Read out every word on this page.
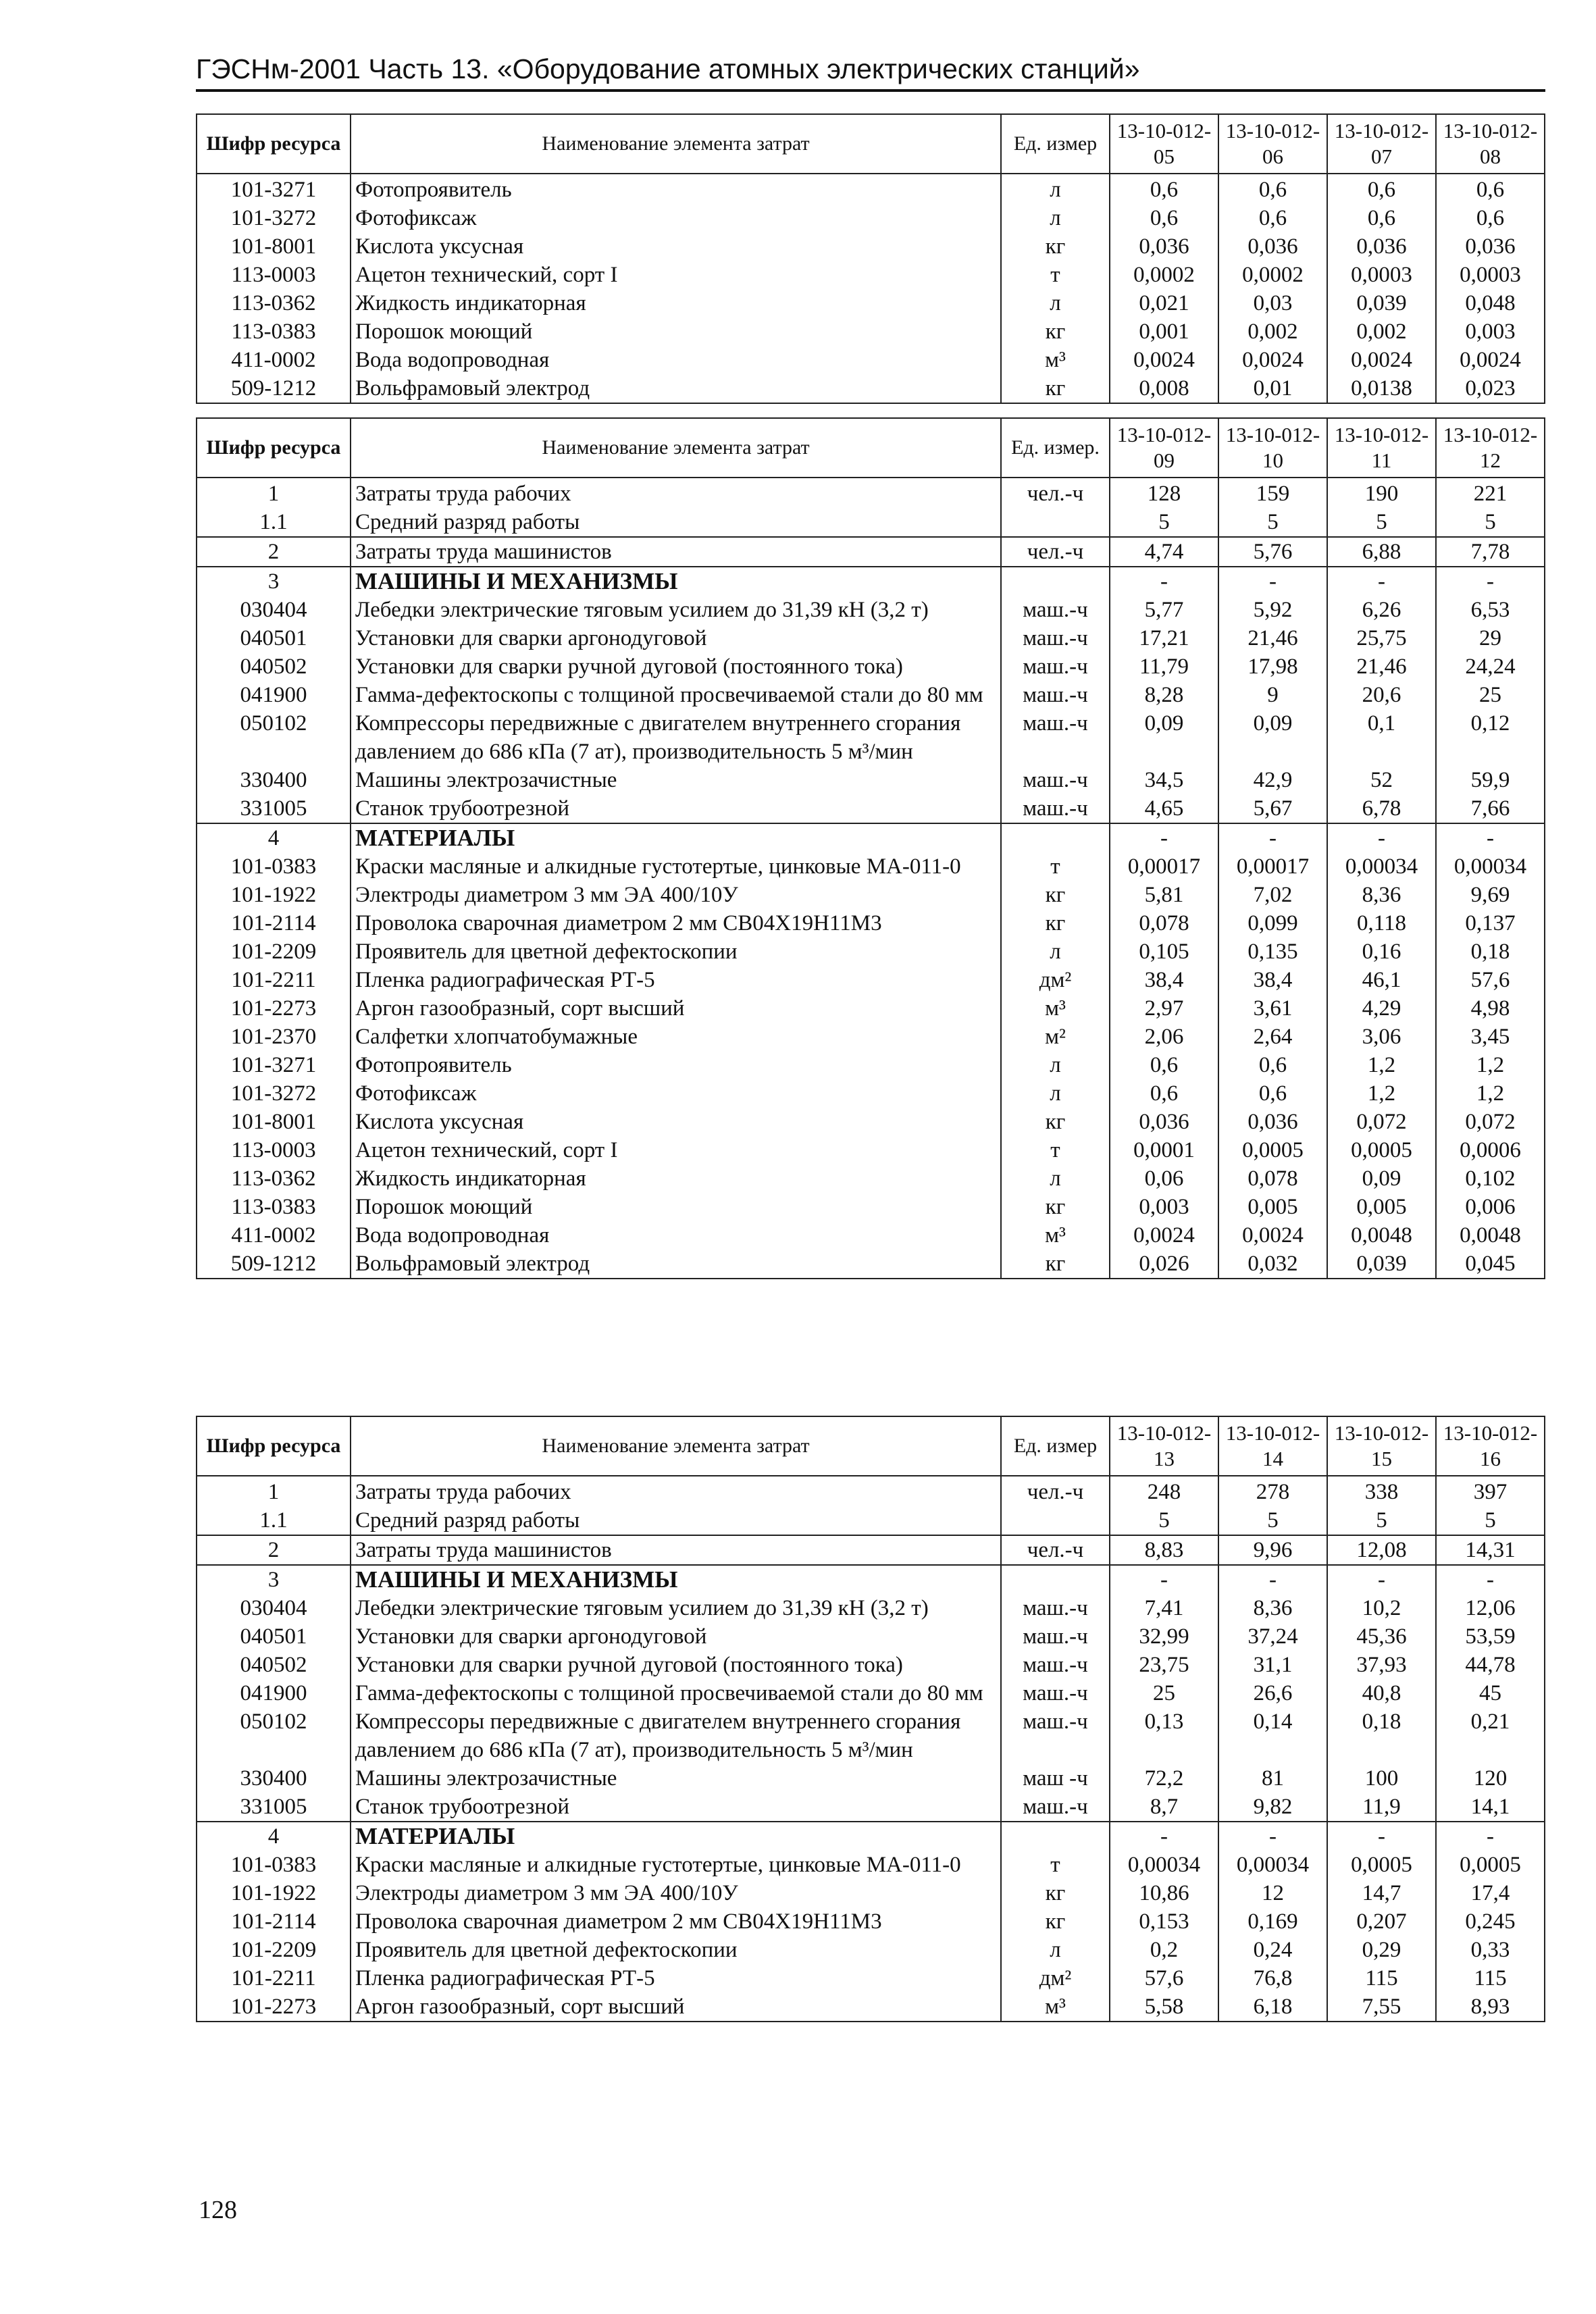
ГЭСНм-2001 Часть 13. «Оборудование атомных электрических станций»
Шифр ресурса	Наименование элемента затрат	Ед. измер	13-10-012-05	13-10-012-06	13-10-012-07	13-10-012-08
101-3271	Фотопроявитель	л	0,6	0,6	0,6	0,6
101-3272	Фотофиксаж	л	0,6	0,6	0,6	0,6
101-8001	Кислота уксусная	кг	0,036	0,036	0,036	0,036
113-0003	Ацетон технический, сорт I	т	0,0002	0,0002	0,0003	0,0003
113-0362	Жидкость индикаторная	л	0,021	0,03	0,039	0,048
113-0383	Порошок моющий	кг	0,001	0,002	0,002	0,003
411-0002	Вода водопроводная	м³	0,0024	0,0024	0,0024	0,0024
509-1212	Вольфрамовый электрод	кг	0,008	0,01	0,0138	0,023
Шифр ресурса	Наименование элемента затрат	Ед. измер.	13-10-012-09	13-10-012-10	13-10-012-11	13-10-012-12
1	Затраты труда рабочих	чел.-ч	128	159	190	221
1.1	Средний разряд работы		5	5	5	5
2	Затраты труда машинистов	чел.-ч	4,74	5,76	6,88	7,78
3	МАШИНЫ И МЕХАНИЗМЫ		-	-	-	-
030404	Лебедки электрические тяговым усилием до 31,39 кН (3,2 т)	маш.-ч	5,77	5,92	6,26	6,53
040501	Установки для сварки аргонодуговой	маш.-ч	17,21	21,46	25,75	29
040502	Установки для сварки ручной дуговой (постоянного тока)	маш.-ч	11,79	17,98	21,46	24,24
041900	Гамма-дефектоскопы с толщиной просвечиваемой стали до 80 мм	маш.-ч	8,28	9	20,6	25
050102	Компрессоры передвижные с двигателем внутреннего сгорания давлением до 686 кПа (7 ат), производительность 5 м³/мин	маш.-ч	0,09	0,09	0,1	0,12
330400	Машины электрозачистные	маш.-ч	34,5	42,9	52	59,9
331005	Станок трубоотрезной	маш.-ч	4,65	5,67	6,78	7,66
4	МАТЕРИАЛЫ		-	-	-	-
101-0383	Краски масляные и алкидные густотертые, цинковые МА-011-0	т	0,00017	0,00017	0,00034	0,00034
101-1922	Электроды диаметром 3 мм ЭА 400/10У	кг	5,81	7,02	8,36	9,69
101-2114	Проволока сварочная диаметром 2 мм СВ04Х19Н11М3	кг	0,078	0,099	0,118	0,137
101-2209	Проявитель для цветной дефектоскопии	л	0,105	0,135	0,16	0,18
101-2211	Пленка радиографическая РТ-5	дм²	38,4	38,4	46,1	57,6
101-2273	Аргон газообразный, сорт высший	м³	2,97	3,61	4,29	4,98
101-2370	Салфетки хлопчатобумажные	м²	2,06	2,64	3,06	3,45
101-3271	Фотопроявитель	л	0,6	0,6	1,2	1,2
101-3272	Фотофиксаж	л	0,6	0,6	1,2	1,2
101-8001	Кислота уксусная	кг	0,036	0,036	0,072	0,072
113-0003	Ацетон технический, сорт I	т	0,0001	0,0005	0,0005	0,0006
113-0362	Жидкость индикаторная	л	0,06	0,078	0,09	0,102
113-0383	Порошок моющий	кг	0,003	0,005	0,005	0,006
411-0002	Вода водопроводная	м³	0,0024	0,0024	0,0048	0,0048
509-1212	Вольфрамовый электрод	кг	0,026	0,032	0,039	0,045
Шифр ресурса	Наименование элемента затрат	Ед. измер	13-10-012-13	13-10-012-14	13-10-012-15	13-10-012-16
1	Затраты труда рабочих	чел.-ч	248	278	338	397
1.1	Средний разряд работы		5	5	5	5
2	Затраты труда машинистов	чел.-ч	8,83	9,96	12,08	14,31
3	МАШИНЫ И МЕХАНИЗМЫ		-	-	-	-
030404	Лебедки электрические тяговым усилием до 31,39 кН (3,2 т)	маш.-ч	7,41	8,36	10,2	12,06
040501	Установки для сварки аргонодуговой	маш.-ч	32,99	37,24	45,36	53,59
040502	Установки для сварки ручной дуговой (постоянного тока)	маш.-ч	23,75	31,1	37,93	44,78
041900	Гамма-дефектоскопы с толщиной просвечиваемой стали до 80 мм	маш.-ч	25	26,6	40,8	45
050102	Компрессоры передвижные с двигателем внутреннего сгорания давлением до 686 кПа (7 ат), производительность 5 м³/мин	маш.-ч	0,13	0,14	0,18	0,21
330400	Машины электрозачистные	маш -ч	72,2	81	100	120
331005	Станок трубоотрезной	маш.-ч	8,7	9,82	11,9	14,1
4	МАТЕРИАЛЫ		-	-	-	-
101-0383	Краски масляные и алкидные густотертые, цинковые МА-011-0	т	0,00034	0,00034	0,0005	0,0005
101-1922	Электроды диаметром 3 мм ЭА 400/10У	кг	10,86	12	14,7	17,4
101-2114	Проволока сварочная диаметром 2 мм СВ04Х19Н11М3	кг	0,153	0,169	0,207	0,245
101-2209	Проявитель для цветной дефектоскопии	л	0,2	0,24	0,29	0,33
101-2211	Пленка радиографическая РТ-5	дм²	57,6	76,8	115	115
101-2273	Аргон газообразный, сорт высший	м³	5,58	6,18	7,55	8,93
128
